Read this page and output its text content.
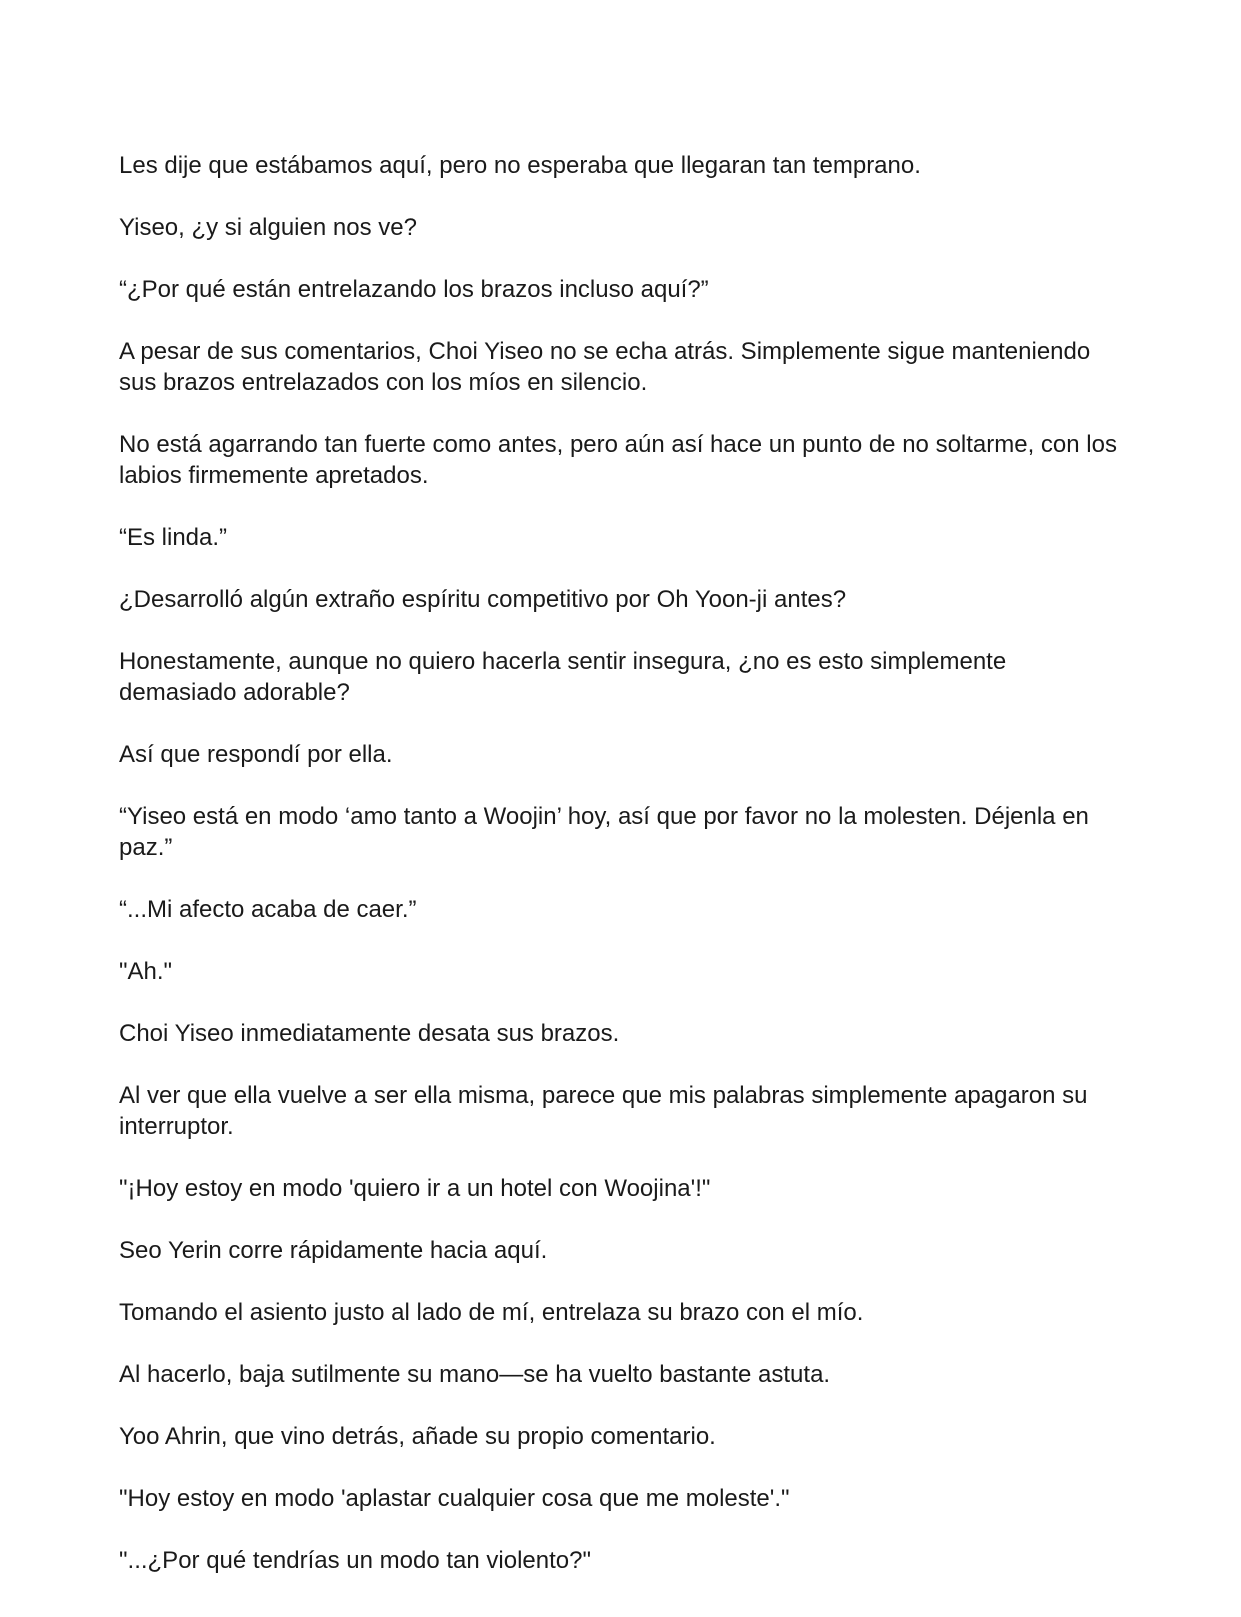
Les dije que estábamos aquí, pero no esperaba que llegaran tan temprano.

Yiseo, ¿y si alguien nos ve?

“¿Por qué están entrelazando los brazos incluso aquí?”

A pesar de sus comentarios, Choi Yiseo no se echa atrás. Simplemente sigue manteniendo sus brazos entrelazados con los míos en silencio.

No está agarrando tan fuerte como antes, pero aún así hace un punto de no soltarme, con los labios firmemente apretados.

“Es linda.”

¿Desarrolló algún extraño espíritu competitivo por Oh Yoon-ji antes?

Honestamente, aunque no quiero hacerla sentir insegura, ¿no es esto simplemente demasiado adorable?

Así que respondí por ella.

“Yiseo está en modo ‘amo tanto a Woojin’ hoy, así que por favor no la molesten. Déjenla en paz.”

“...Mi afecto acaba de caer.”

"Ah."

Choi Yiseo inmediatamente desata sus brazos.

Al ver que ella vuelve a ser ella misma, parece que mis palabras simplemente apagaron su interruptor.

"¡Hoy estoy en modo 'quiero ir a un hotel con Woojina'!"

Seo Yerin corre rápidamente hacia aquí.

Tomando el asiento justo al lado de mí, entrelaza su brazo con el mío.

Al hacerlo, baja sutilmente su mano—se ha vuelto bastante astuta.

Yoo Ahrin, que vino detrás, añade su propio comentario.

"Hoy estoy en modo 'aplastar cualquier cosa que me moleste'."

"...¿Por qué tendrías un modo tan violento?"
